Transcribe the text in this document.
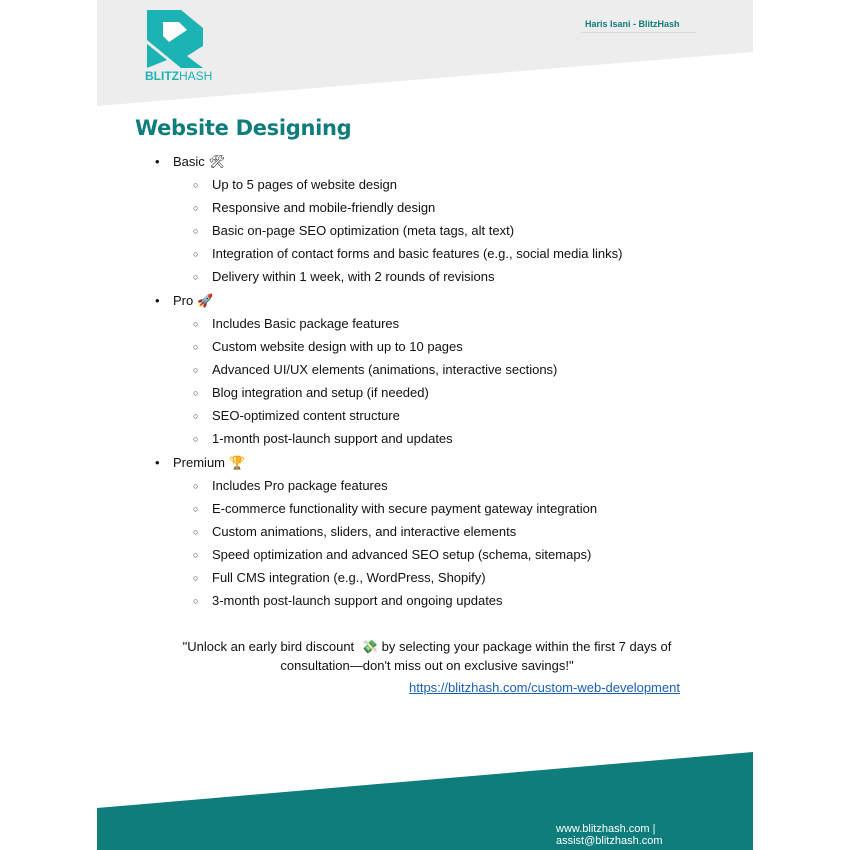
BLITZHASH
Haris Isani - BlitzHash
Website Designing
• Basic 🛠
○ Up to 5 pages of website design
○ Responsive and mobile-friendly design
○ Basic on-page SEO optimization (meta tags, alt text)
○ Integration of contact forms and basic features (e.g., social media links)
○ Delivery within 1 week, with 2 rounds of revisions
• Pro 🚀
○ Includes Basic package features
○ Custom website design with up to 10 pages
○ Advanced UI/UX elements (animations, interactive sections)
○ Blog integration and setup (if needed)
○ SEO-optimized content structure
○ 1-month post-launch support and updates
• Premium 🏆
○ Includes Pro package features
○ E-commerce functionality with secure payment gateway integration
○ Custom animations, sliders, and interactive elements
○ Speed optimization and advanced SEO setup (schema, sitemaps)
○ Full CMS integration (e.g., WordPress, Shopify)
○ 3-month post-launch support and ongoing updates
"Unlock an early bird discount 💸 by selecting your package within the first 7 days of
consultation—don't miss out on exclusive savings!"
https://blitzhash.com/custom-web-development
www.blitzhash.com | assist@blitzhash.com
